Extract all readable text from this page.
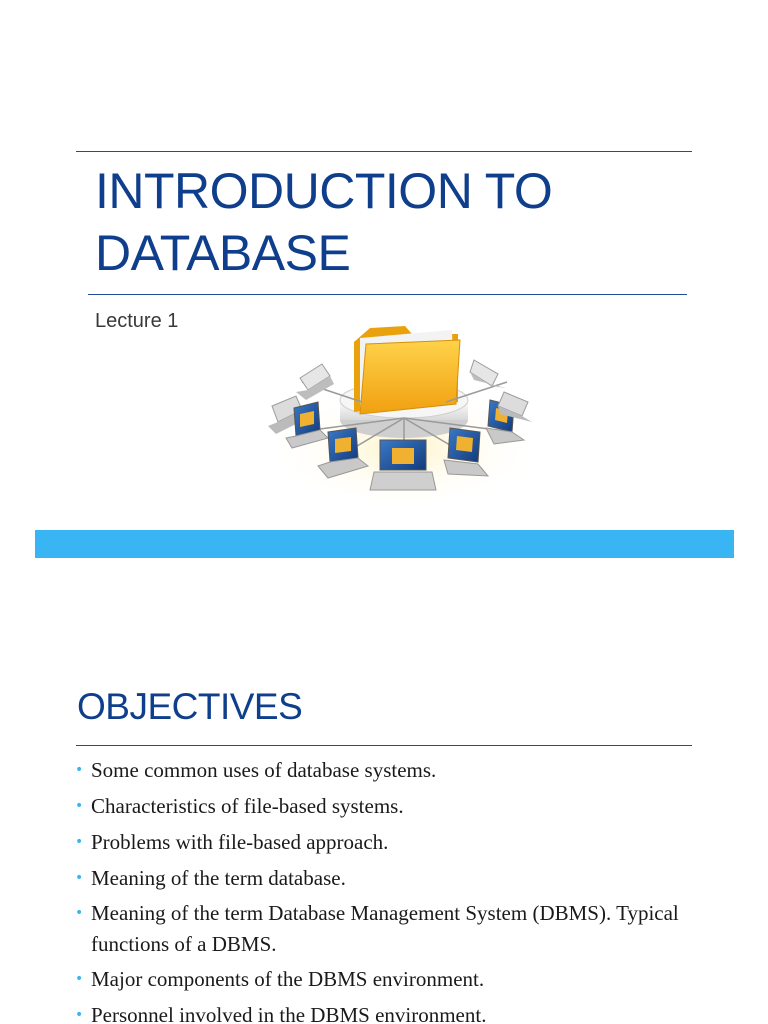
INTRODUCTION TO DATABASE

Lecture 1

OBJECTIVES
• Some common uses of database systems.
• Characteristics of file-based systems.
• Problems with file-based approach.
• Meaning of the term database.
• Meaning of the term Database Management System (DBMS). Typical functions of a DBMS.
• Major components of the DBMS environment.
• Personnel involved in the DBMS environment.
